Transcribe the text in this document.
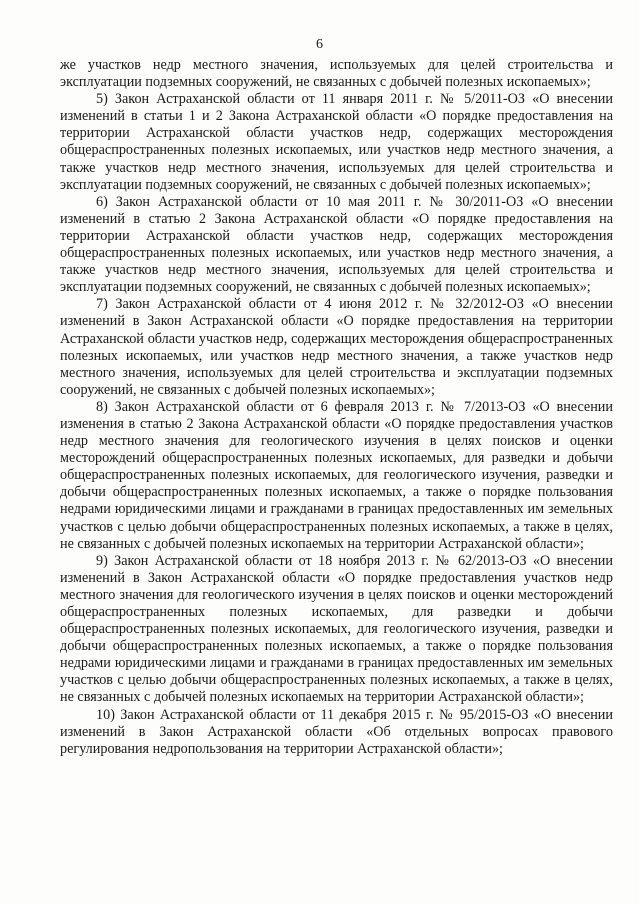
6

же участков недр местного значения, используемых для целей строительства и эксплуатации подземных сооружений, не связанных с добычей полезных ископаемых»;

5) Закон Астраханской области от 11 января 2011 г. № 5/2011-ОЗ «О внесении изменений в статьи 1 и 2 Закона Астраханской области «О порядке предоставления на территории Астраханской области участков недр, содержащих месторождения общераспространенных полезных ископаемых, или участков недр местного значения, а также участков недр местного значения, используемых для целей строительства и эксплуатации подземных сооружений, не связанных с добычей полезных ископаемых»;

6) Закон Астраханской области от 10 мая 2011 г. № 30/2011-ОЗ «О внесении изменений в статью 2 Закона Астраханской области «О порядке предоставления на территории Астраханской области участков недр, содержащих месторождения общераспространенных полезных ископаемых, или участков недр местного значения, а также участков недр местного значения, используемых для целей строительства и эксплуатации подземных сооружений, не связанных с добычей полезных ископаемых»;

7) Закон Астраханской области от 4 июня 2012 г. № 32/2012-ОЗ «О внесении изменений в Закон Астраханской области «О порядке предоставления на территории Астраханской области участков недр, содержащих месторождения общераспространенных полезных ископаемых, или участков недр местного значения, а также участков недр местного значения, используемых для целей строительства и эксплуатации подземных сооружений, не связанных с добычей полезных ископаемых»;

8) Закон Астраханской области от 6 февраля 2013 г. № 7/2013-ОЗ «О внесении изменения в статью 2 Закона Астраханской области «О порядке предоставления участков недр местного значения для геологического изучения в целях поисков и оценки месторождений общераспространенных полезных ископаемых, для разведки и добычи общераспространенных полезных ископаемых, для геологического изучения, разведки и добычи общераспространенных полезных ископаемых, а также о порядке пользования недрами юридическими лицами и гражданами в границах предоставленных им земельных участков с целью добычи общераспространенных полезных ископаемых, а также в целях, не связанных с добычей полезных ископаемых на территории Астраханской области»;

9) Закон Астраханской области от 18 ноября 2013 г. № 62/2013-ОЗ «О внесении изменений в Закон Астраханской области «О порядке предоставления участков недр местного значения для геологического изучения в целях поисков и оценки месторождений общераспространенных полезных ископаемых, для разведки и добычи общераспространенных полезных ископаемых, для геологического изучения, разведки и добычи общераспространенных полезных ископаемых, а также о порядке пользования недрами юридическими лицами и гражданами в границах предоставленных им земельных участков с целью добычи общераспространенных полезных ископаемых, а также в целях, не связанных с добычей полезных ископаемых на территории Астраханской области»;

10) Закон Астраханской области от 11 декабря 2015 г. № 95/2015-ОЗ «О внесении изменений в Закон Астраханской области «Об отдельных вопросах правового регулирования недропользования на территории Астраханской области»;
